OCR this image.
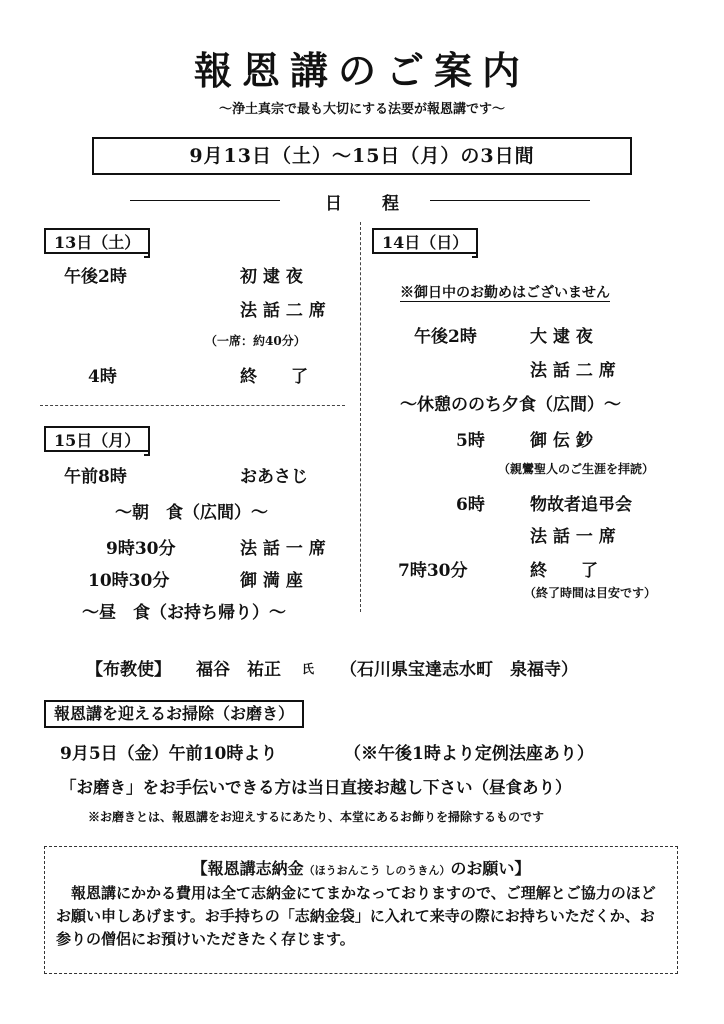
報恩講のご案内
～浄土真宗で最も大切にする法要が報恩講です～
9月13日（土）～15日（月）の3日間
日程
13日（土）
午後2時	初 逮 夜
法 話 二 席
（一席：約40分）
4時	終　　了
15日（月）
午前8時	おあさじ
～朝　食（広間）～
9時30分	法 話 一 席
10時30分	御 満 座
～昼　食（お持ち帰り）～
14日（日）
※御日中のお勤めはございません
午後2時	大 逮 夜
法 話 二 席
～休憩ののち夕食（広間）～
5時	御 伝 鈔
（親鸞聖人のご生涯を拝読）
6時	物故者追弔会
法 話 一 席
7時30分	終　　了
（終了時間は目安です）
【布教使】 福谷　祐正 氏 （石川県宝達志水町　泉福寺）
報恩講を迎えるお掃除（お磨き）
9月5日（金）午前10時より	（※午後1時より定例法座あり）
「お磨き」をお手伝いできる方は当日直接お越し下さい（昼食あり）
※お磨きとは、報恩講をお迎えするにあたり、本堂にあるお飾りを掃除するものです
【報恩講志納金（ほうおんこう しのうきん）のお願い】
報恩講にかかる費用は全て志納金にてまかなっておりますので、ご理解とご協力のほどお願い申しあげます。お手持ちの「志納金袋」に入れて来寺の際にお持ちいただくか、お参りの僧侶にお預けいただきたく存じます。
